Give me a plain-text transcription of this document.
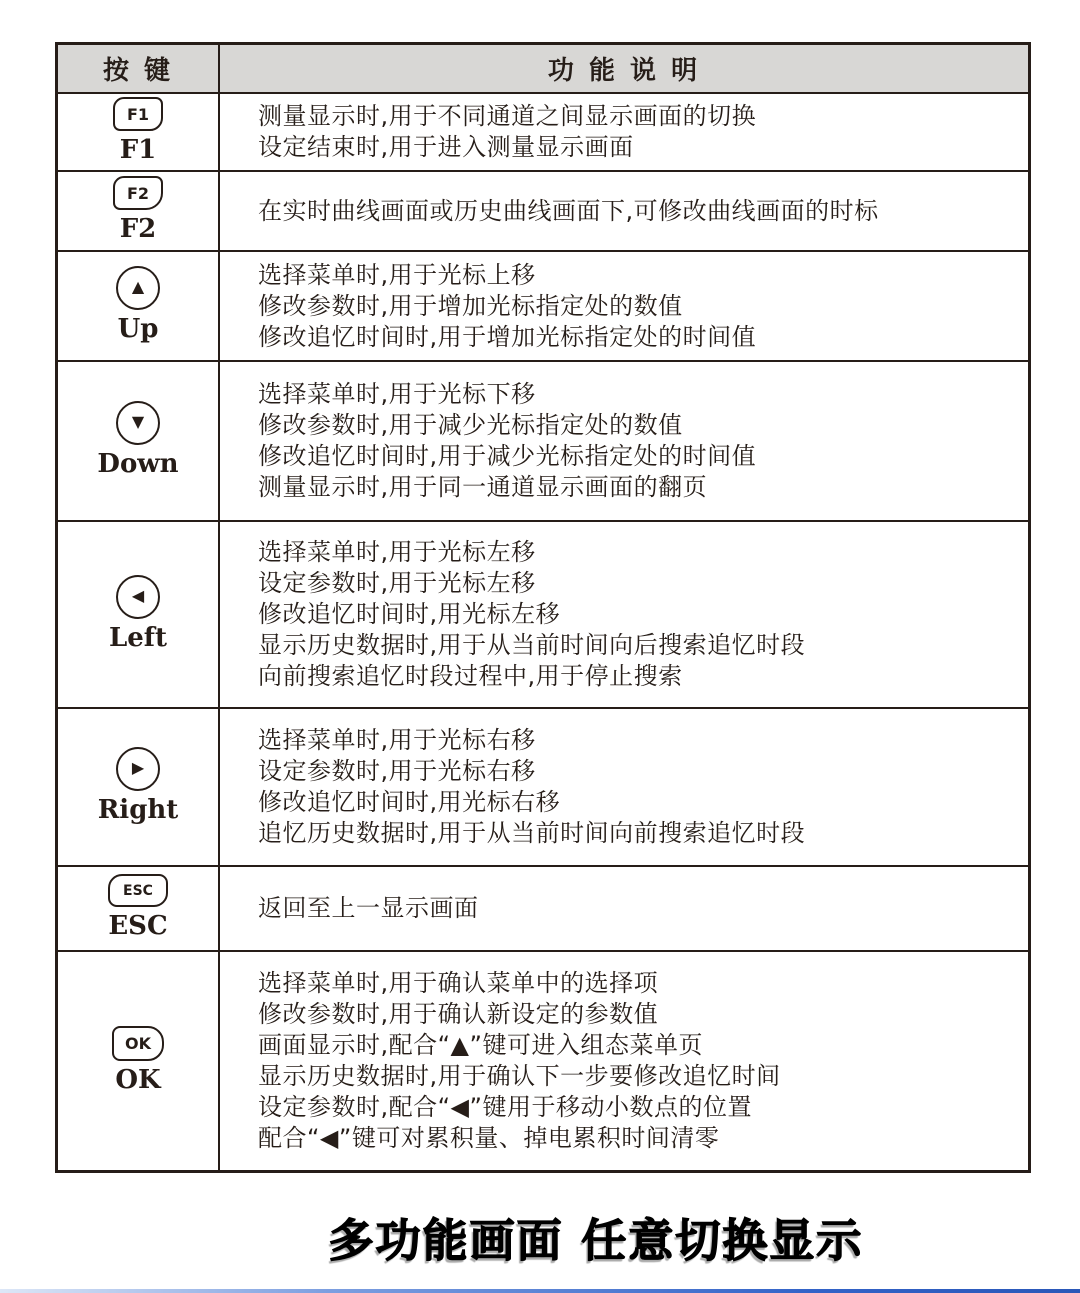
按 键	功 能 说 明
F1
F1
测量显示时,用于不同通道之间显示画面的切换
设定结束时,用于进入测量显示画面
F2
F2
在实时曲线画面或历史曲线画面下,可修改曲线画面的时标
▲
Up
选择菜单时,用于光标上移
修改参数时,用于增加光标指定处的数值
修改追忆时间时,用于增加光标指定处的时间值
▼
Down
选择菜单时,用于光标下移
修改参数时,用于减少光标指定处的数值
修改追忆时间时,用于减少光标指定处的时间值
测量显示时,用于同一通道显示画面的翻页
◀
Left
选择菜单时,用于光标左移
设定参数时,用于光标左移
修改追忆时间时,用光标左移
显示历史数据时,用于从当前时间向后搜索追忆时段
向前搜索追忆时段过程中,用于停止搜索
▶
Right
选择菜单时,用于光标右移
设定参数时,用于光标右移
修改追忆时间时,用光标右移
追忆历史数据时,用于从当前时间向前搜索追忆时段
ESC
ESC
返回至上一显示画面
OK
OK
选择菜单时,用于确认菜单中的选择项
修改参数时,用于确认新设定的参数值
画面显示时,配合“▲”键可进入组态菜单页
显示历史数据时,用于确认下一步要修改追忆时间
设定参数时,配合“◀”键用于移动小数点的位置
配合“◀”键可对累积量、掉电累积时间清零
多功能画面 任意切换显示
